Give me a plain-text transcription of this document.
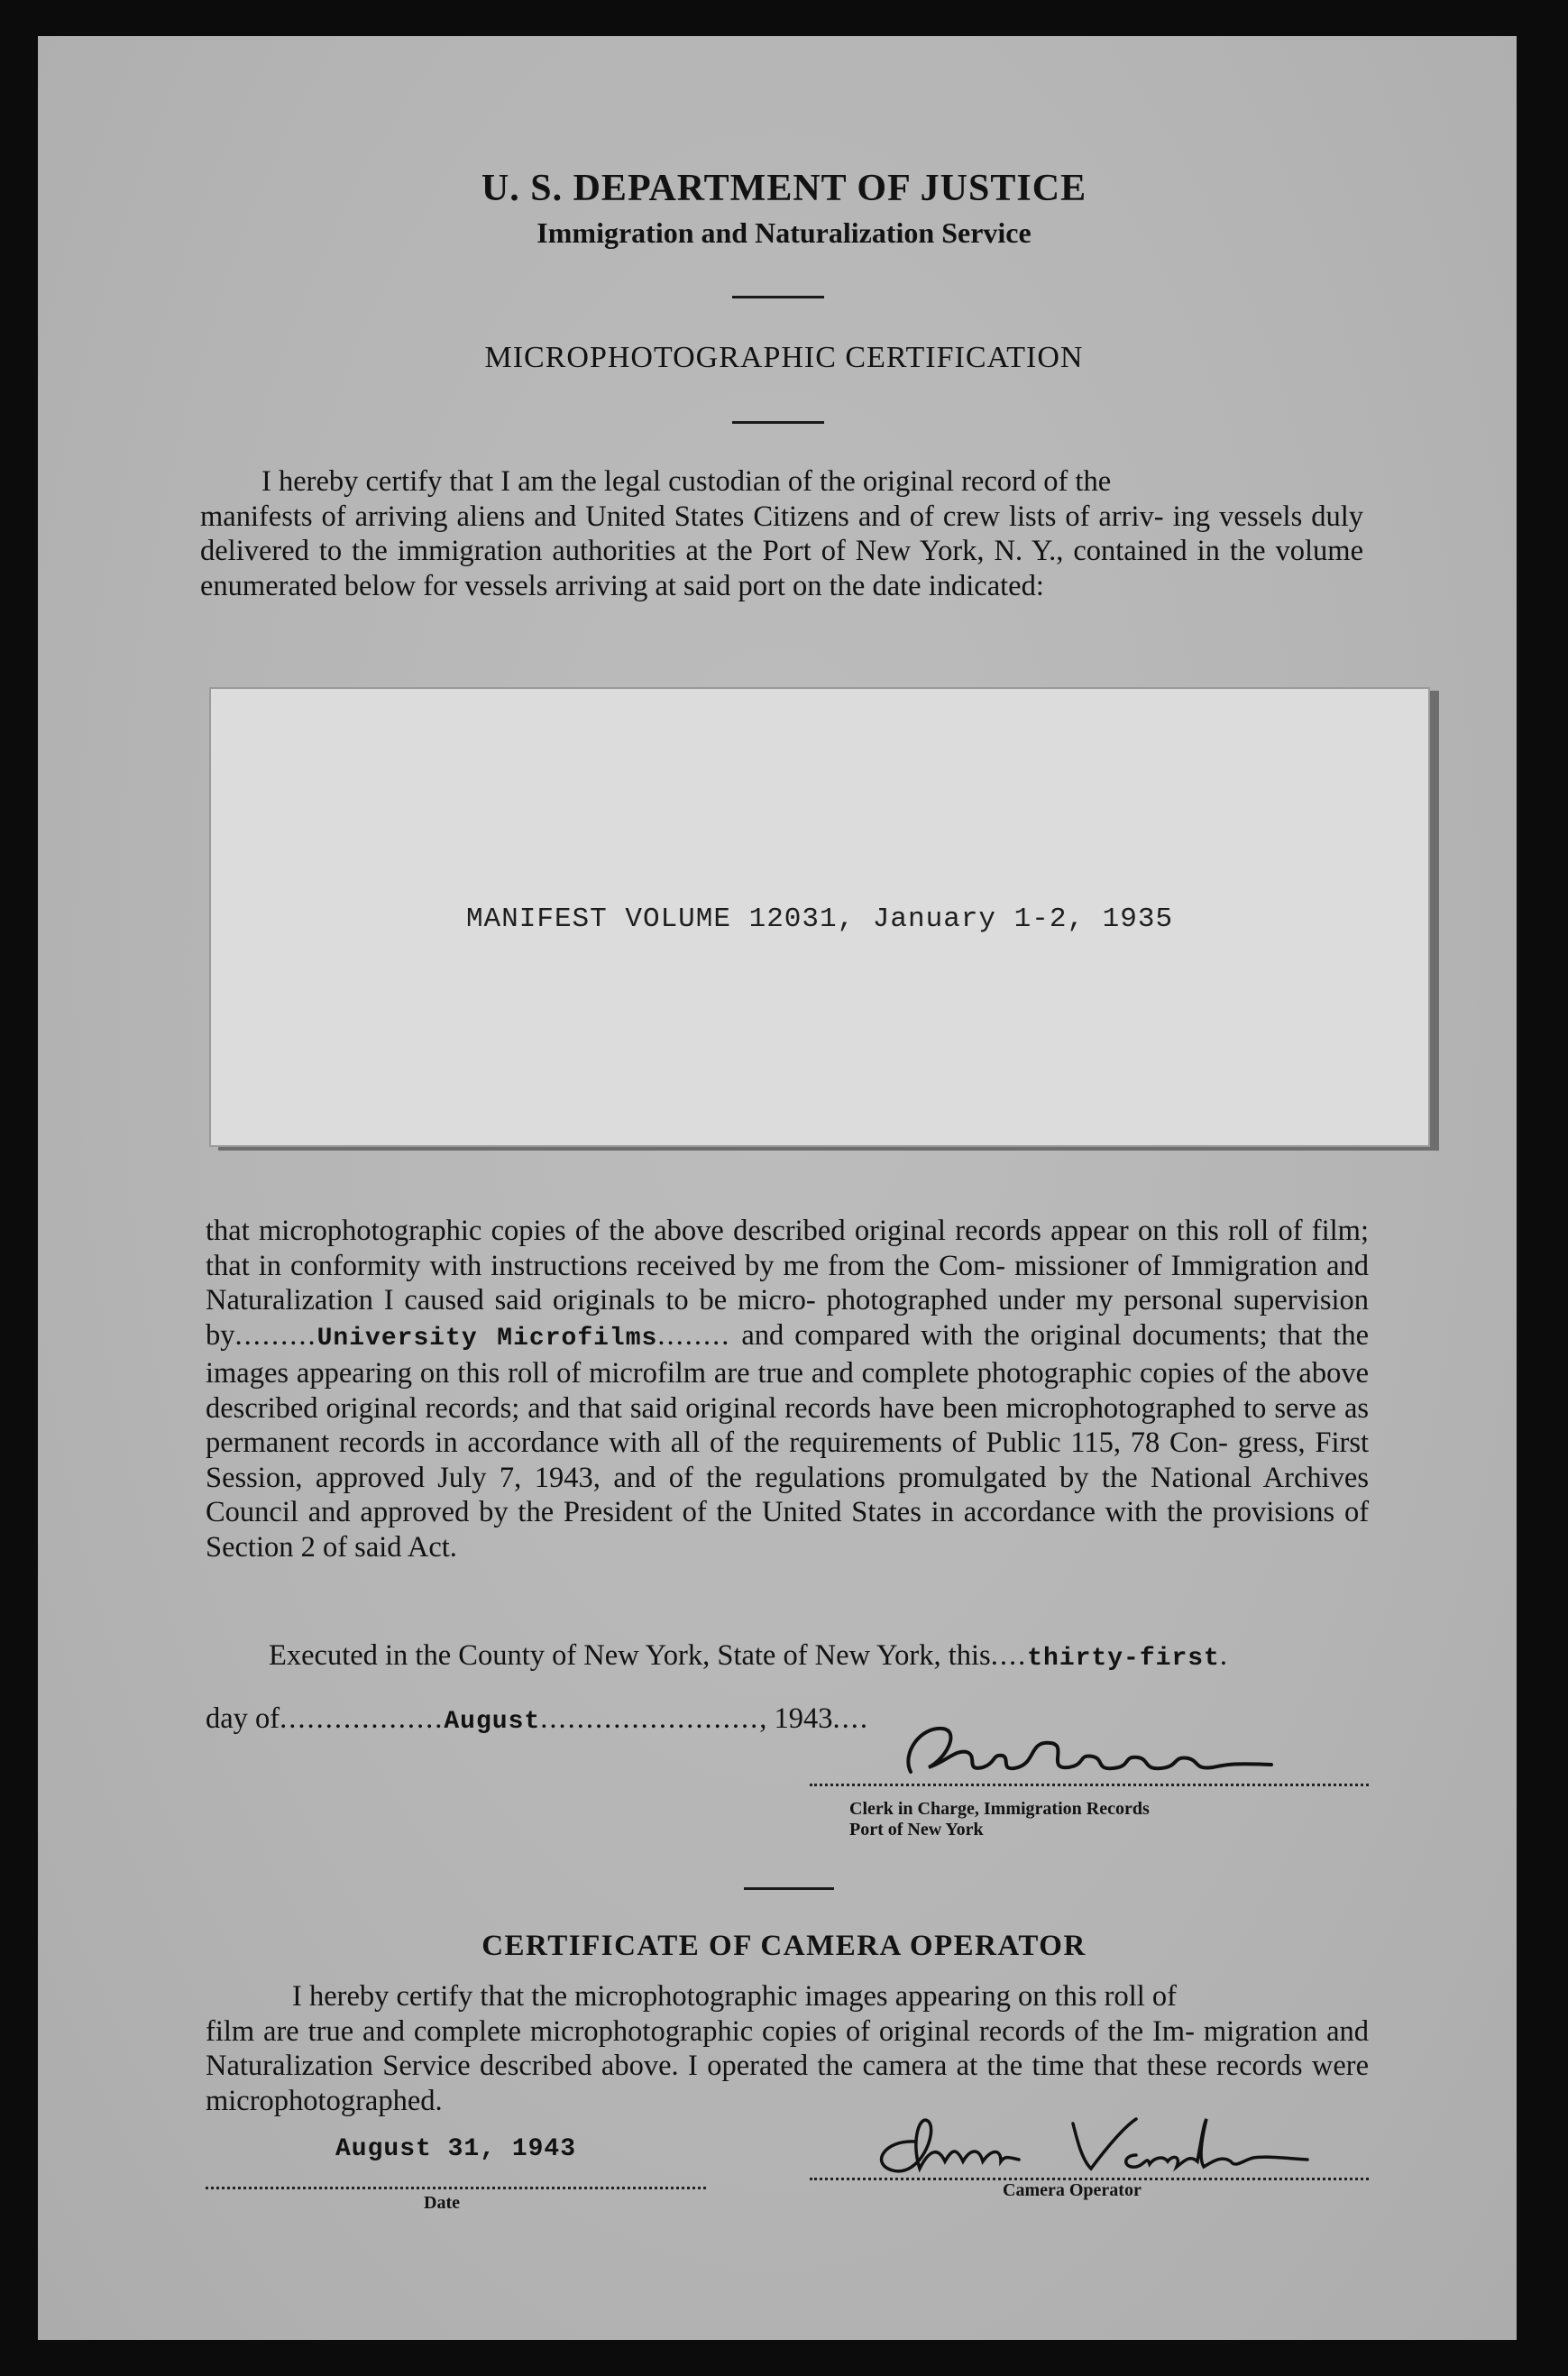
U. S. DEPARTMENT OF JUSTICE
Immigration and Naturalization Service
MICROPHOTOGRAPHIC CERTIFICATION
I hereby certify that I am the legal custodian of the original record of the
manifests of arriving aliens and United States Citizens and of crew lists of arriv- ing vessels duly delivered to the immigration authorities at the Port of New York, N. Y., contained in the volume enumerated below for vessels arriving at said port on the date indicated:
MANIFEST VOLUME 12031, January 1-2, 1935
that microphotographic copies of the above described original records appear on this roll of film; that in conformity with instructions received by me from the Com- missioner of Immigration and Naturalization I caused said originals to be micro- photographed under my personal supervision by.........University Microfilms........ and compared with the original documents; that the images appearing on this roll of microfilm are true and complete photographic copies of the above described original records; and that said original records have been microphotographed to serve as permanent records in accordance with all of the requirements of Public 115, 78 Con- gress, First Session, approved July 7, 1943, and of the regulations promulgated by the National Archives Council and approved by the President of the United States in accordance with the provisions of Section 2 of said Act.
Executed in the County of New York, State of New York, this....thirty-first.
day of..................August........................, 1943....
Clerk in Charge, Immigration Records
Port of New York
CERTIFICATE OF CAMERA OPERATOR
I hereby certify that the microphotographic images appearing on this roll of
film are true and complete microphotographic copies of original records of the Im- migration and Naturalization Service described above. I operated the camera at the time that these records were microphotographed.
August 31, 1943
Date
Camera Operator
